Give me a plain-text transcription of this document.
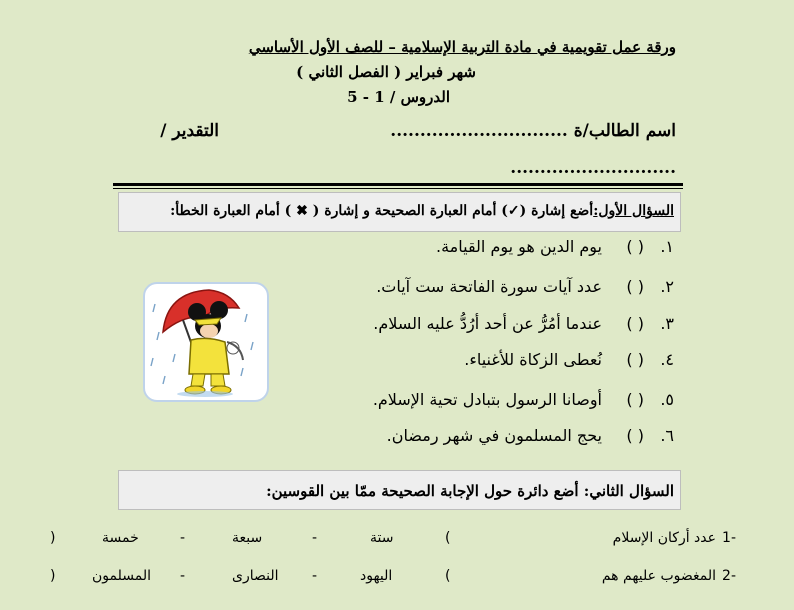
ورقة عمل تقويمية في مادة التربية الإسلامية – للصف الأول الأساسي
شهر فبراير ( الفصل الثاني )
الدروس / 1 - 5
اسم الطالب/ة ..............................
التقدير /
............................
السؤال الأول:أضع إشارة (✓) أمام العبارة الصحيحة و إشارة ( ✖ ) أمام العبارة الخطأ:
١.( )يوم الدين هو يوم القيامة.
٢.( )عدد آيات سورة الفاتحة ست آيات.
٣.( )عندما أمُرُّ عن أحد أرُدُّ عليه السلام.
٤.( )نُعطى الزكاة للأغنياء.
٥.( )أوصانا الرسول بتبادل تحية الإسلام.
٦.( )يحج المسلمون في شهر رمضان.
السؤال الثاني: أضع دائرة حول الإجابة الصحيحة ممّا بين القوسين:
1-
عدد أركان الإسلام
(
ستة
-
سبعة
-
خمسة
)
2-
المغضوب عليهم هم
(
اليهود
-
النصارى
-
المسلمون
)
